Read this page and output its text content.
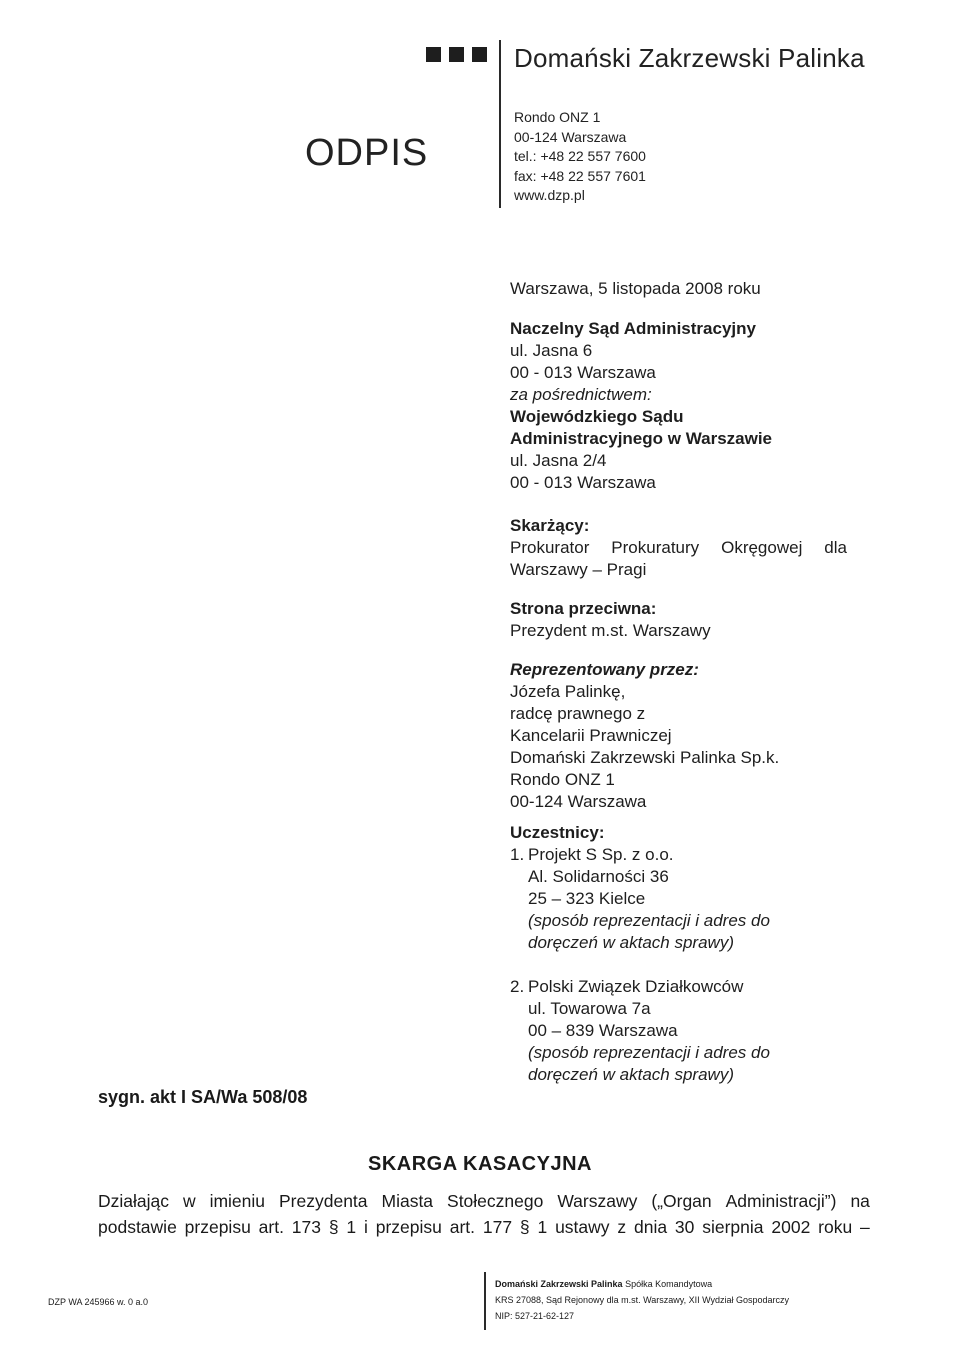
Domański Zakrzewski Palinka
Rondo ONZ 1
00-124 Warszawa
tel.: +48 22 557 7600
fax: +48 22 557 7601
www.dzp.pl
ODPIS
Warszawa, 5 listopada 2008 roku
Naczelny Sąd Administracyjny
ul. Jasna 6
00 - 013 Warszawa
za pośrednictwem:
Wojewódzkiego Sądu
Administracyjnego w Warszawie
ul. Jasna 2/4
00 - 013 Warszawa
Skarżący:
Prokurator Prokuratury Okręgowej dla
Warszawy – Pragi
Strona przeciwna:
Prezydent m.st. Warszawy
Reprezentowany przez:
Józefa Palinkę,
radcę prawnego z
Kancelarii Prawniczej
Domański Zakrzewski Palinka Sp.k.
Rondo ONZ 1
00-124 Warszawa
Uczestnicy:
1. Projekt S Sp. z o.o.
Al. Solidarności 36
25 – 323 Kielce
(sposób reprezentacji i adres do
doręczeń w aktach sprawy)
2. Polski Związek Działkowców
ul. Towarowa 7a
00 – 839 Warszawa
(sposób reprezentacji i adres do
doręczeń w aktach sprawy)
sygn. akt I SA/Wa 508/08
SKARGA KASACYJNA
Działając w imieniu Prezydenta Miasta Stołecznego Warszawy („Organ Administracji”) na
podstawie przepisu art. 173 § 1 i przepisu art. 177 § 1 ustawy z dnia 30 sierpnia 2002 roku –
DZP WA 245966 w. 0 a.0
Domański Zakrzewski Palinka Spółka Komandytowa
KRS 27088, Sąd Rejonowy dla m.st. Warszawy, XII Wydział Gospodarczy
NIP: 527-21-62-127
